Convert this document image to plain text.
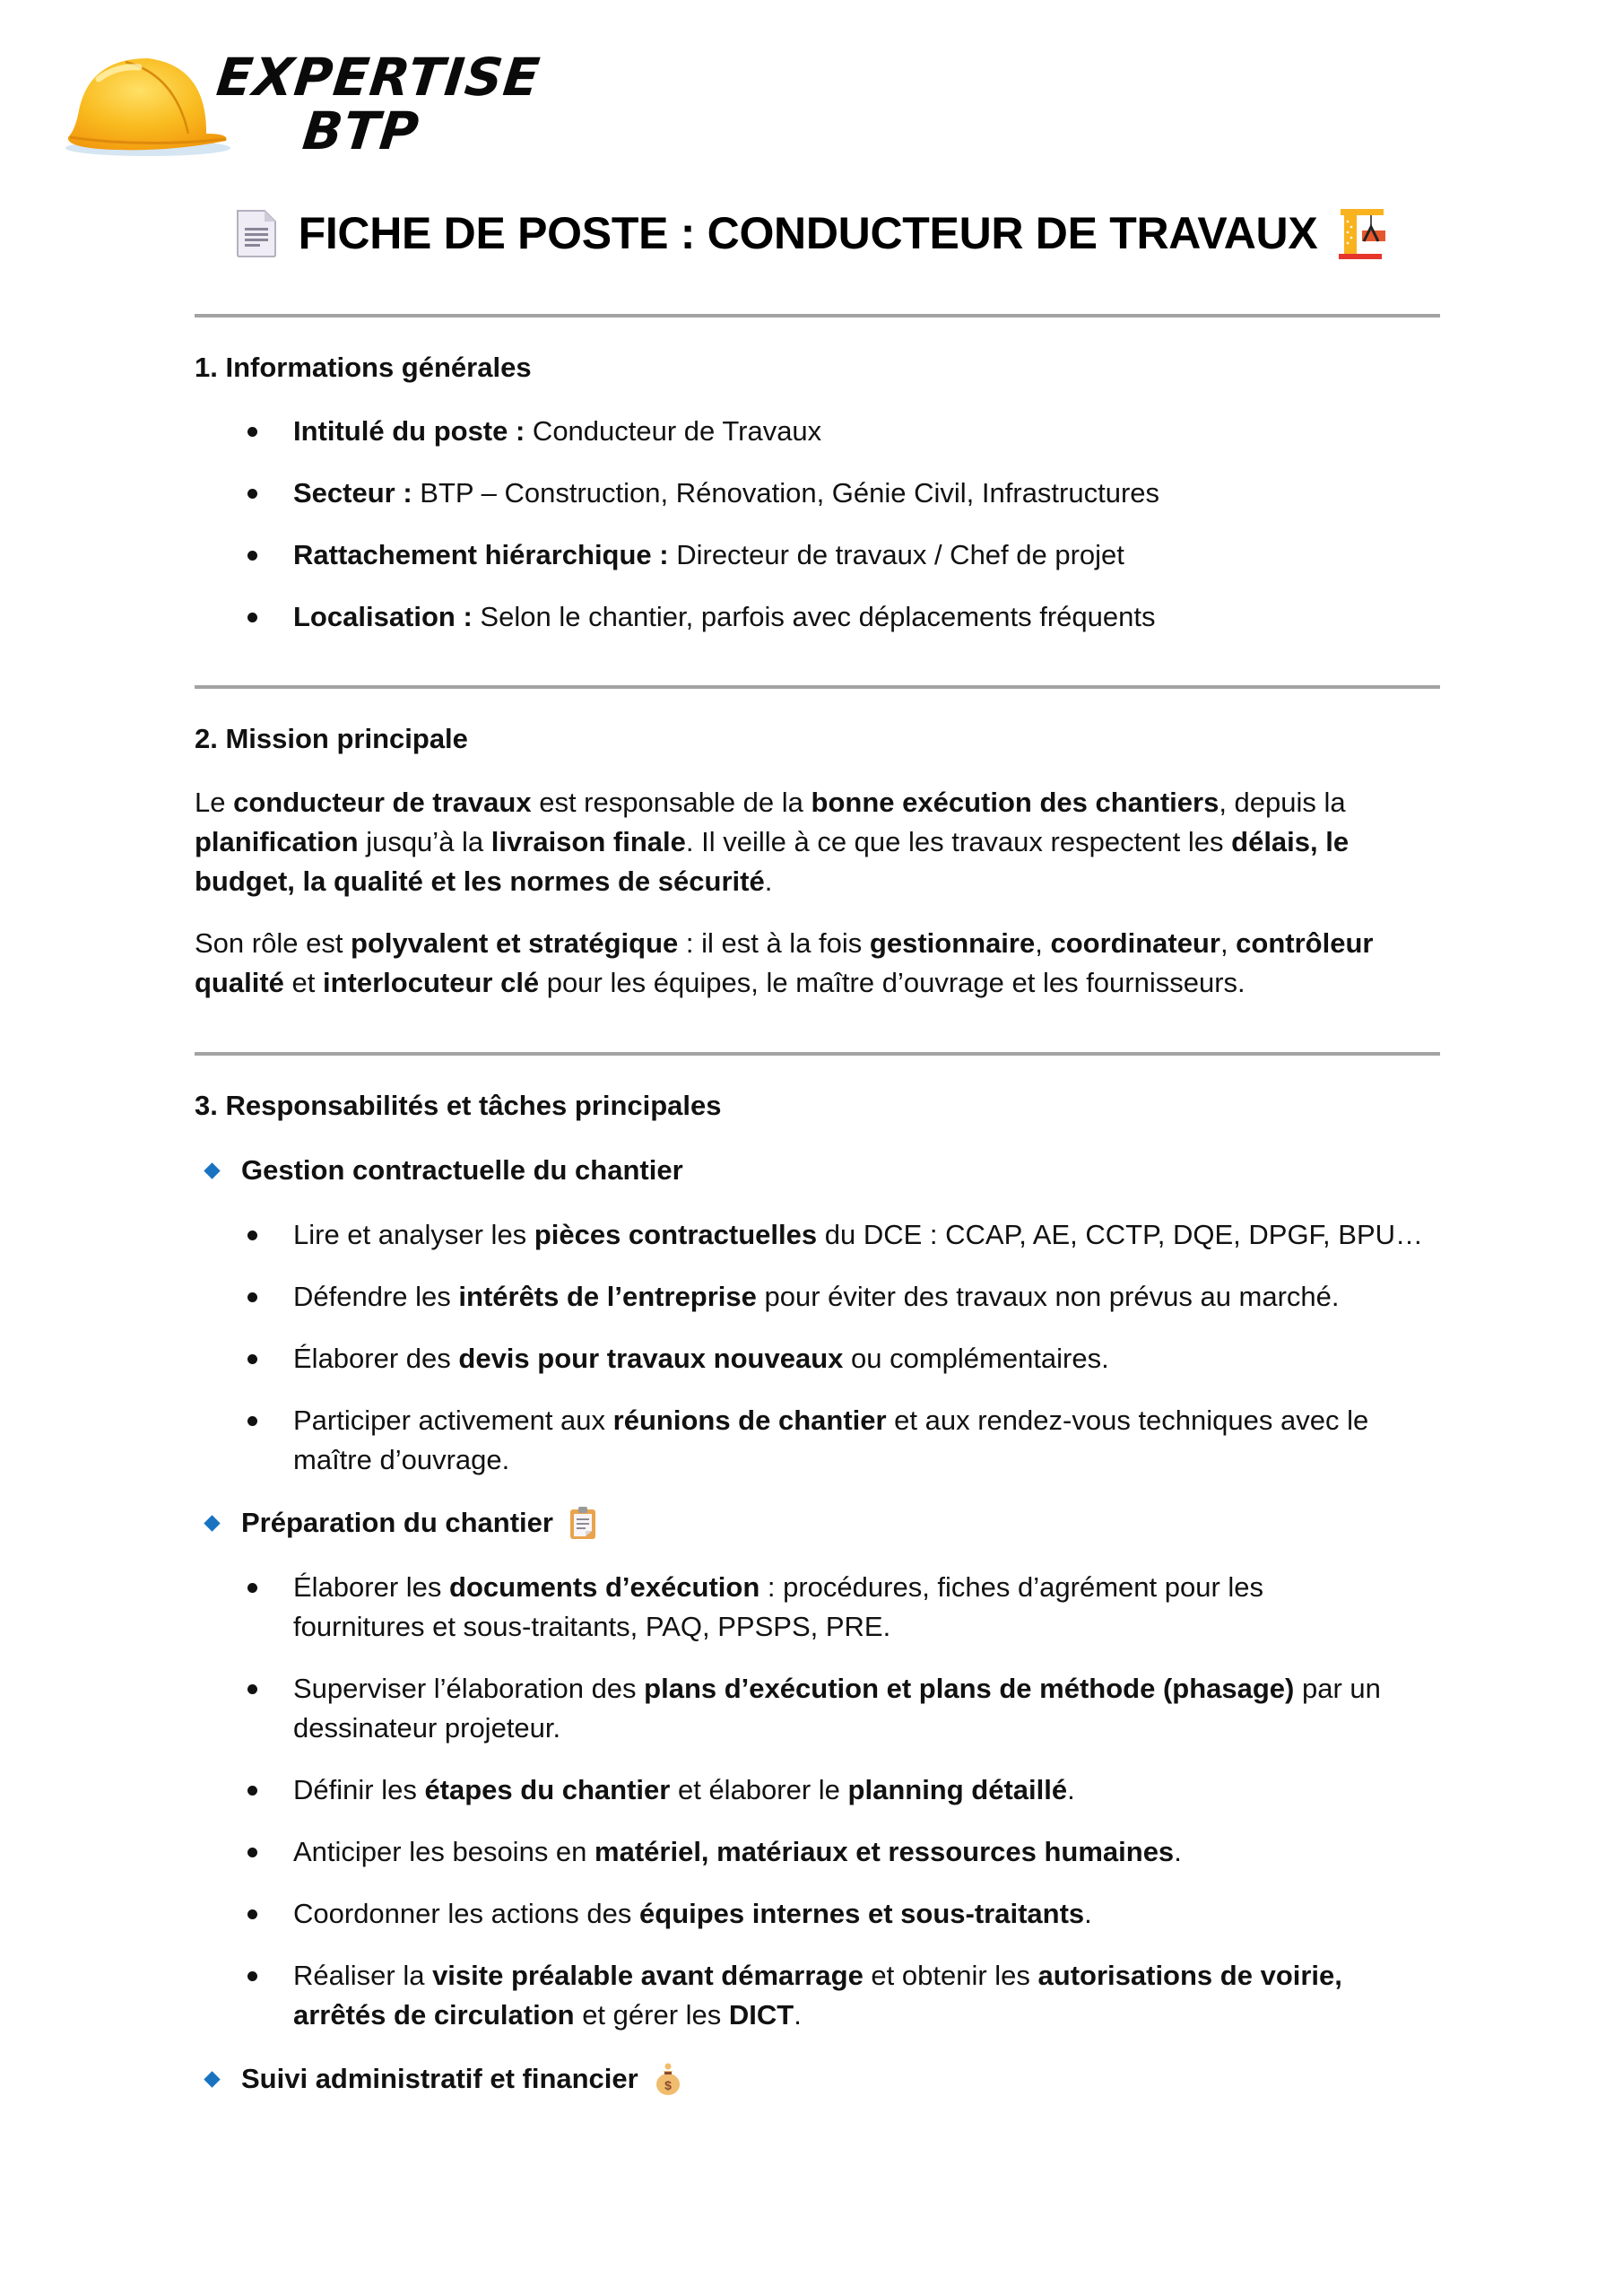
EXPERTISE
BTP
FICHE DE POSTE : CONDUCTEUR DE TRAVAUX
1. Informations générales
Intitulé du poste : Conducteur de Travaux
Secteur : BTP – Construction, Rénovation, Génie Civil, Infrastructures
Rattachement hiérarchique : Directeur de travaux / Chef de projet
Localisation : Selon le chantier, parfois avec déplacements fréquents
2. Mission principale
Le conducteur de travaux est responsable de la bonne exécution des chantiers, depuis la planification jusqu’à la livraison finale. Il veille à ce que les travaux respectent les délais, le budget, la qualité et les normes de sécurité.
Son rôle est polyvalent et stratégique : il est à la fois gestionnaire, coordinateur, contrôleur qualité et interlocuteur clé pour les équipes, le maître d’ouvrage et les fournisseurs.
3. Responsabilités et tâches principales
Gestion contractuelle du chantier
Lire et analyser les pièces contractuelles du DCE : CCAP, AE, CCTP, DQE, DPGF, BPU…
Défendre les intérêts de l’entreprise pour éviter des travaux non prévus au marché.
Élaborer des devis pour travaux nouveaux ou complémentaires.
Participer activement aux réunions de chantier et aux rendez-vous techniques avec le maître d’ouvrage.
Préparation du chantier
Élaborer les documents d’exécution : procédures, fiches d’agrément pour les fournitures et sous-traitants, PAQ, PPSPS, PRE.
Superviser l’élaboration des plans d’exécution et plans de méthode (phasage) par un dessinateur projeteur.
Définir les étapes du chantier et élaborer le planning détaillé.
Anticiper les besoins en matériel, matériaux et ressources humaines.
Coordonner les actions des équipes internes et sous-traitants.
Réaliser la visite préalable avant démarrage et obtenir les autorisations de voirie, arrêtés de circulation et gérer les DICT.
Suivi administratif et financier $
